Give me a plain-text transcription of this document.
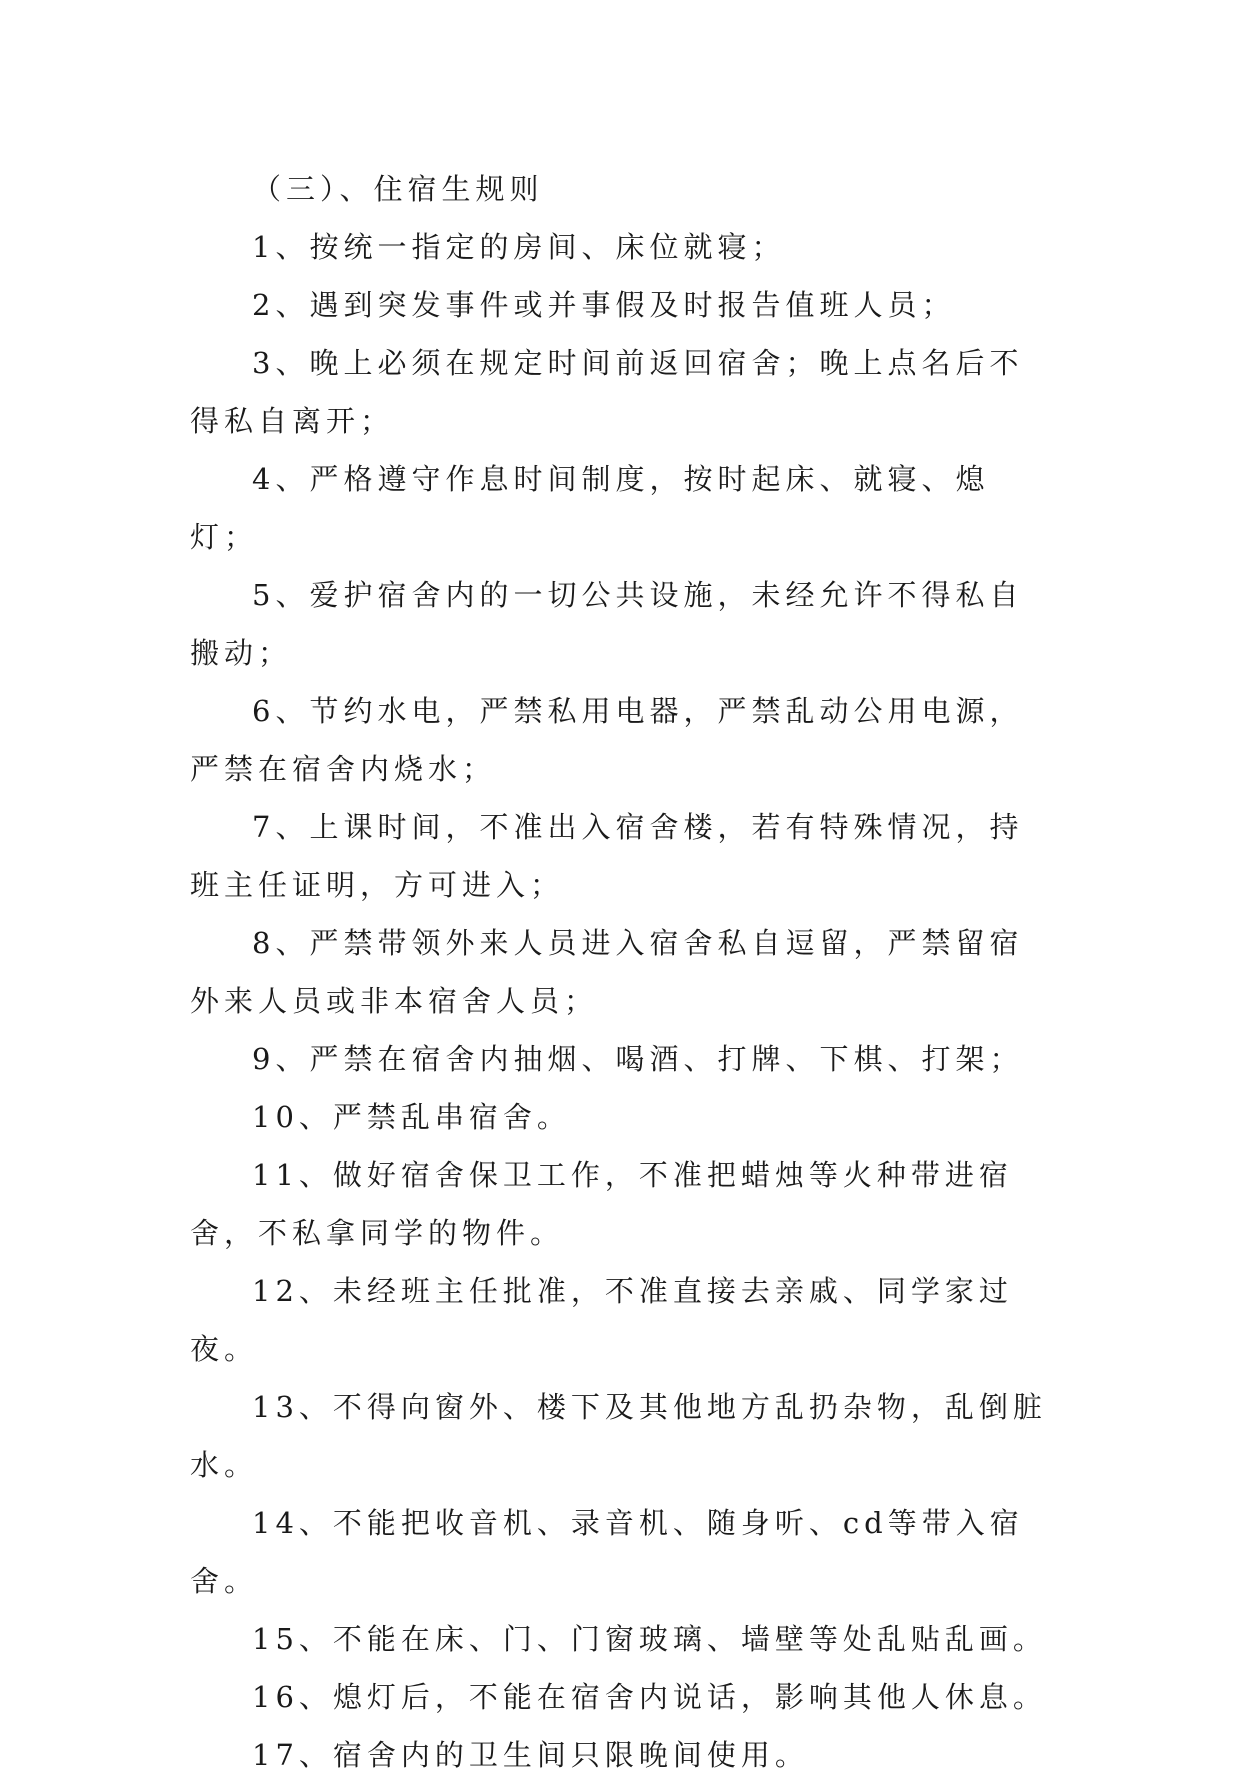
（三）、住宿生规则

1、按统一指定的房间、床位就寝；

2、遇到突发事件或并事假及时报告值班人员；

3、晚上必须在规定时间前返回宿舍；晚上点名后不得私自离开；

4、严格遵守作息时间制度，按时起床、就寝、熄灯；

5、爱护宿舍内的一切公共设施，未经允许不得私自搬动；

6、节约水电，严禁私用电器，严禁乱动公用电源，严禁在宿舍内烧水；

7、上课时间，不准出入宿舍楼，若有特殊情况，持班主任证明，方可进入；

8、严禁带领外来人员进入宿舍私自逗留，严禁留宿外来人员或非本宿舍人员；

9、严禁在宿舍内抽烟、喝酒、打牌、下棋、打架；

10、严禁乱串宿舍。

11、做好宿舍保卫工作，不准把蜡烛等火种带进宿舍，不私拿同学的物件。

12、未经班主任批准，不准直接去亲戚、同学家过夜。

13、不得向窗外、楼下及其他地方乱扔杂物，乱倒脏水。

14、不能把收音机、录音机、随身听、cd等带入宿舍。

15、不能在床、门、门窗玻璃、墙壁等处乱贴乱画。

16、熄灯后，不能在宿舍内说话，影响其他人休息。

17、宿舍内的卫生间只限晚间使用。
